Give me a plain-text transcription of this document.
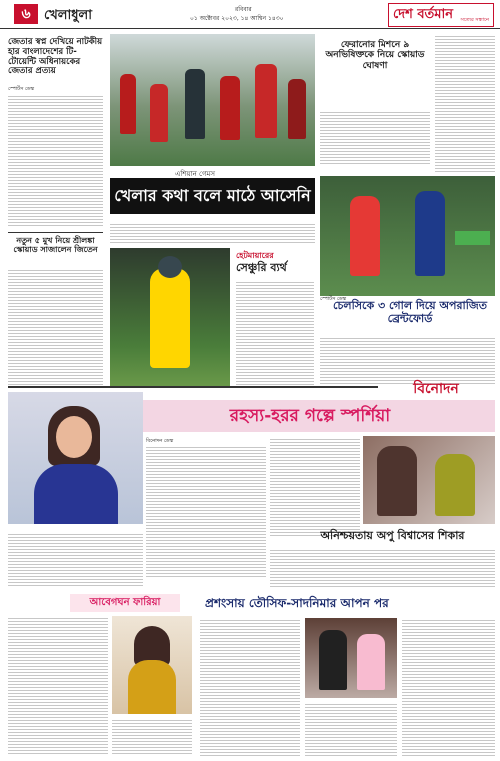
৬	খেলাধুলা	রবিবার
০১ অক্টোবর ২০২৩, ১৪ আশ্বিন ১৪৩০	দেশ বর্তমান সত্যের সন্ধানে
জেতার স্বপ্ন দেখিয়ে নাটকীয় হার বাংলাদেশের টি-টোয়েন্টি অধিনায়কের জেতার প্রত্যয়
স্পোর্টস ডেস্ক
এশিয়ান গেমস
খেলার কথা বলে মাঠে আসেনি
ফেরানোর মিশনে ৯ অনভিষিক্তকে নিয়ে স্কোয়াড ঘোষণা
স্পোর্টস ডেস্ক
চেলসিকে ৩ গোল দিয়ে অপরাজিত ব্রেন্টফোর্ড
নতুন ৫ মুখ নিয়ে শ্রীলঙ্কা স্কোয়াড সাজালেন জিতেন
হেটমায়ারের
সেঞ্চুরি ব্যর্থ
বিনোদন
রহস্য-হরর গল্পে স্পর্শিয়া
বিনোদন ডেস্ক
অনিশ্চয়তায় অপু বিশ্বাসের শিকার
আবেগঘন ফারিয়া	প্রশংসায় তৌসিফ-সাদনিমার আপন পর
